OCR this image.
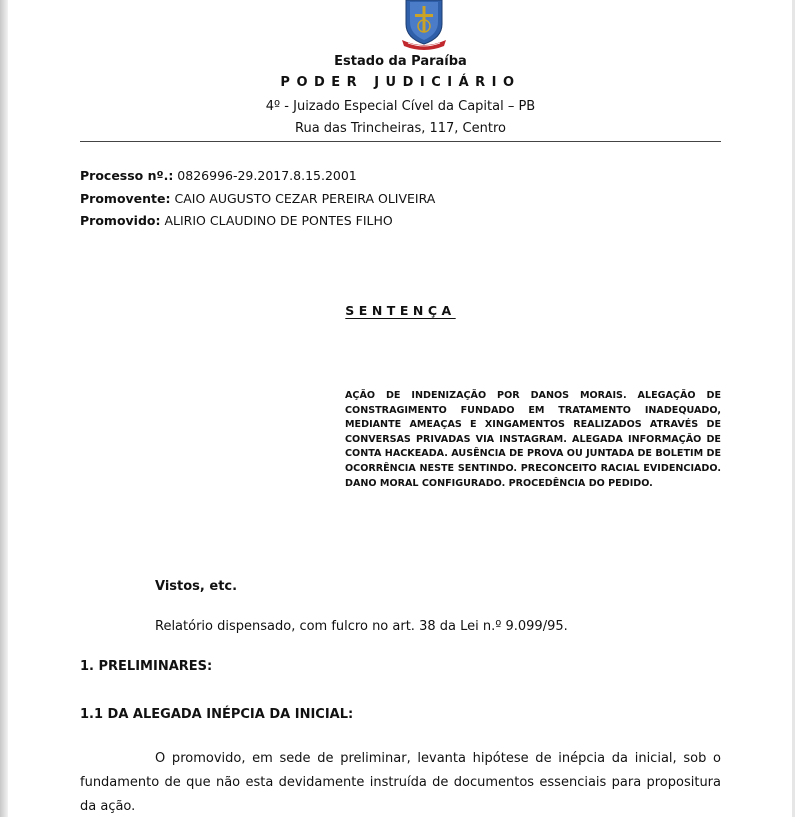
Estado da Paraíba
PODER JUDICIÁRIO
4º - Juizado Especial Cível da Capital – PB
Rua das Trincheiras, 117, Centro
Processo nº.: 0826996-29.2017.8.15.2001
Promovente: CAIO AUGUSTO CEZAR PEREIRA OLIVEIRA
Promovido: ALIRIO CLAUDINO DE PONTES FILHO
SENTENÇA
AÇÃO DE INDENIZAÇÃO POR DANOS MORAIS. ALEGAÇÃO DE CONSTRAGIMENTO FUNDADO EM TRATAMENTO INADEQUADO, MEDIANTE AMEAÇAS E XINGAMENTOS REALIZADOS ATRAVÉS DE CONVERSAS PRIVADAS VIA INSTAGRAM. ALEGADA INFORMAÇÃO DE CONTA HACKEADA. AUSÊNCIA DE PROVA OU JUNTADA DE BOLETIM DE OCORRÊNCIA NESTE SENTINDO. PRECONCEITO RACIAL EVIDENCIADO. DANO MORAL CONFIGURADO. PROCEDÊNCIA DO PEDIDO.
Vistos, etc.
Relatório dispensado, com fulcro no art. 38 da Lei n.º 9.099/95.
1. PRELIMINARES:
1.1 DA ALEGADA INÉPCIA DA INICIAL:
O promovido, em sede de preliminar, levanta hipótese de inépcia da inicial, sob o fundamento de que não esta devidamente instruída de documentos essenciais para propositura da ação.
